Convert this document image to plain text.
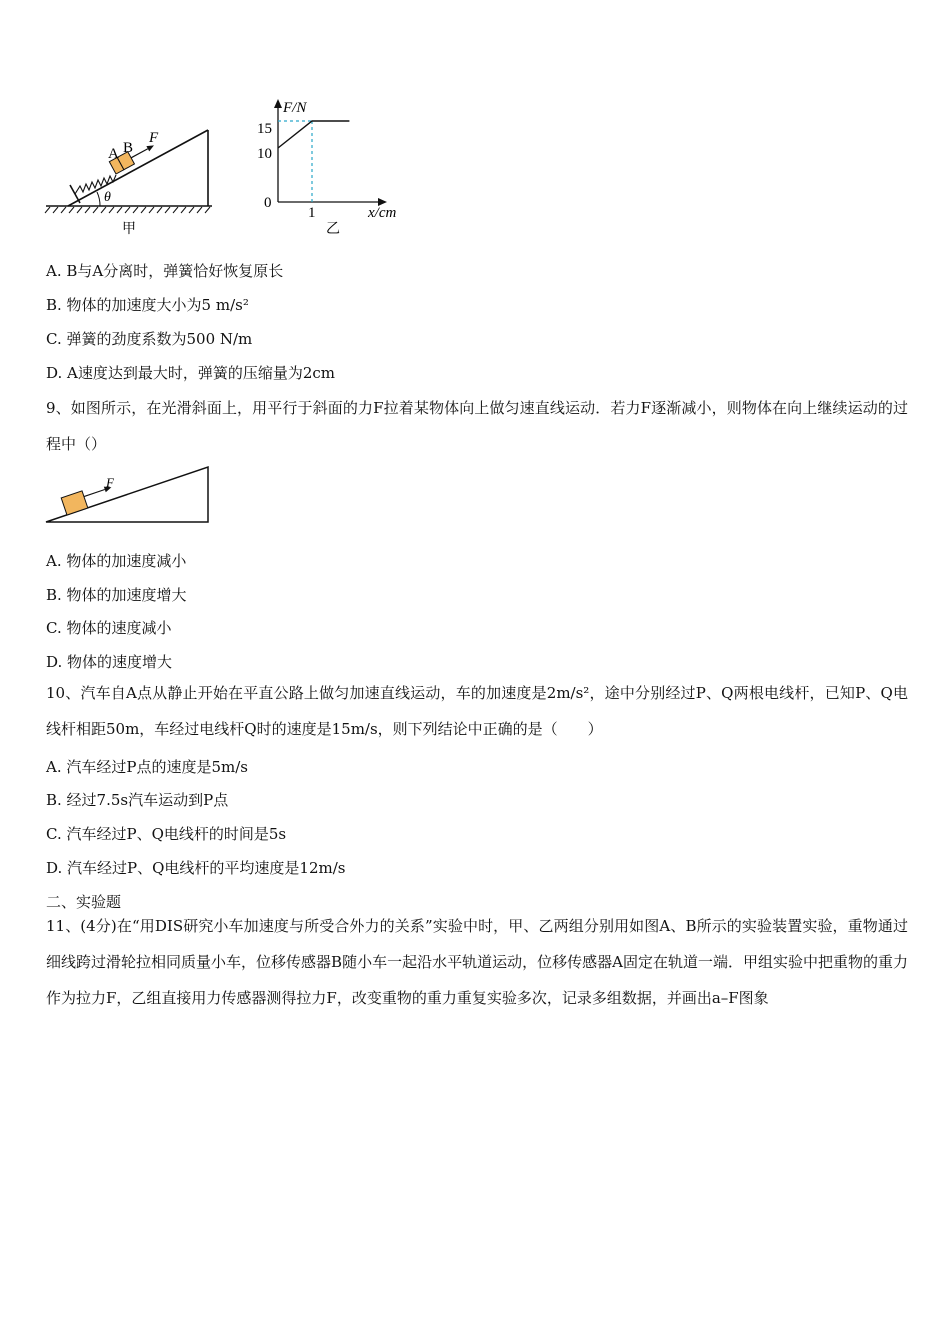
A B
F
θ
甲
F/N
x/cm
15
10
0
1
乙
A. B与A分离时，弹簧恰好恢复原长
B. 物体的加速度大小为5 m/s²
C. 弹簧的劲度系数为500 N/m
D. A速度达到最大时，弹簧的压缩量为2cm
9、如图所示，在光滑斜面上，用平行于斜面的力F拉着某物体向上做匀速直线运动．若力F逐渐减小，则物体在向上继续运动的过程中（）
F
A. 物体的加速度减小
B. 物体的加速度增大
C. 物体的速度减小
D. 物体的速度增大
10、汽车自A点从静止开始在平直公路上做匀加速直线运动，车的加速度是2m/s²，途中分别经过P、Q两根电线杆，已知P、Q电线杆相距50m，车经过电线杆Q时的速度是15m/s，则下列结论中正确的是（　　）
A. 汽车经过P点的速度是5m/s
B. 经过7.5s汽车运动到P点
C. 汽车经过P、Q电线杆的时间是5s
D. 汽车经过P、Q电线杆的平均速度是12m/s
二、实验题
11、(4分)在“用DIS研究小车加速度与所受合外力的关系”实验中时，甲、乙两组分别用如图A、B所示的实验装置实验，重物通过细线跨过滑轮拉相同质量小车，位移传感器B随小车一起沿水平轨道运动，位移传感器A固定在轨道一端．甲组实验中把重物的重力作为拉力F，乙组直接用力传感器测得拉力F，改变重物的重力重复实验多次，记录多组数据，并画出a–F图象
